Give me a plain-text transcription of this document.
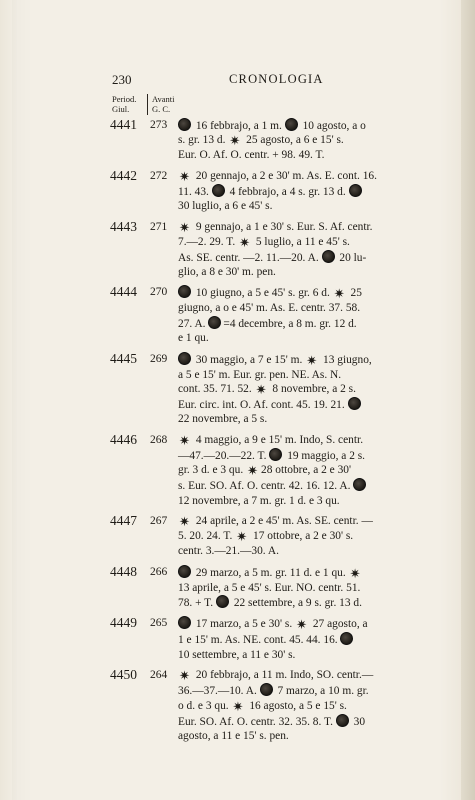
230	CRONOLOGIA
Period.
Giul.
Avanti
G. C.
4441 273	16 febbrajo, a 1 m.  10 agosto, a o
s. gr. 13 d. ✷ 25 agosto, a 6 e 15' s.
Eur. O. Af. O. centr. + 98. 49. T.
4442 272 ✷ 20 gennajo, a 2 e 30' m. As. E. cont. 16.
11. 43.  4 febbrajo, a 4 s. gr. 13 d.
30 luglio, a 6 e 45' s.
4443 271 ✷ 9 gennajo, a 1 e 30' s. Eur. S. Af. centr.
7.—2. 29. T. ✷ 5 luglio, a 11 e 45' s.
As. SE. centr. —2. 11.—20. A.  20 lu-
glio, a 8 e 30' m. pen.
4444 270	10 giugno, a 5 e 45' s. gr. 6 d. ✷ 25
giugno, a o e 45' m. As. E. centr. 37. 58.
27. A. =4 decembre, a 8 m. gr. 12 d.
e 1 qu.
4445 269	30 maggio, a 7 e 15' m. ✷ 13 giugno,
a 5 e 15' m. Eur. gr. pen. NE. As. N.
cont. 35. 71. 52. ✷ 8 novembre, a 2 s.
Eur. circ. int. O. Af. cont. 45. 19. 21.
22 novembre, a 5 s.
4446 268 ✷ 4 maggio, a 9 e 15' m. Indo, S. centr.
—47.—20.—22. T.  19 maggio, a 2 s.
gr. 3 d. e 3 qu. ✷ 28 ottobre, a 2 e 30'
s. Eur. SO. Af. O. centr. 42. 16. 12. A.
12 novembre, a 7 m. gr. 1 d. e 3 qu.
4447 267 ✷ 24 aprile, a 2 e 45' m. As. SE. centr. —
5. 20. 24. T. ✷ 17 ottobre, a 2 e 30' s.
centr. 3.—21.—30. A.
4448 266	29 marzo, a 5 m. gr. 11 d. e 1 qu. ✷
13 aprile, a 5 e 45' s. Eur. NO. centr. 51.
78. + T.  22 settembre, a 9 s. gr. 13 d.
4449 265	17 marzo, a 5 e 30' s. ✷ 27 agosto, a
1 e 15' m. As. NE. cont. 45. 44. 16.
10 settembre, a 11 e 30' s.
4450 264 ✷ 20 febbrajo, a 11 m. Indo, SO. centr.—
36.—37.—10. A.  7 marzo, a 10 m. gr.
o d. e 3 qu. ✷ 16 agosto, a 5 e 15' s.
Eur. SO. Af. O. centr. 32. 35. 8. T.  30
agosto, a 11 e 15' s. pen.
